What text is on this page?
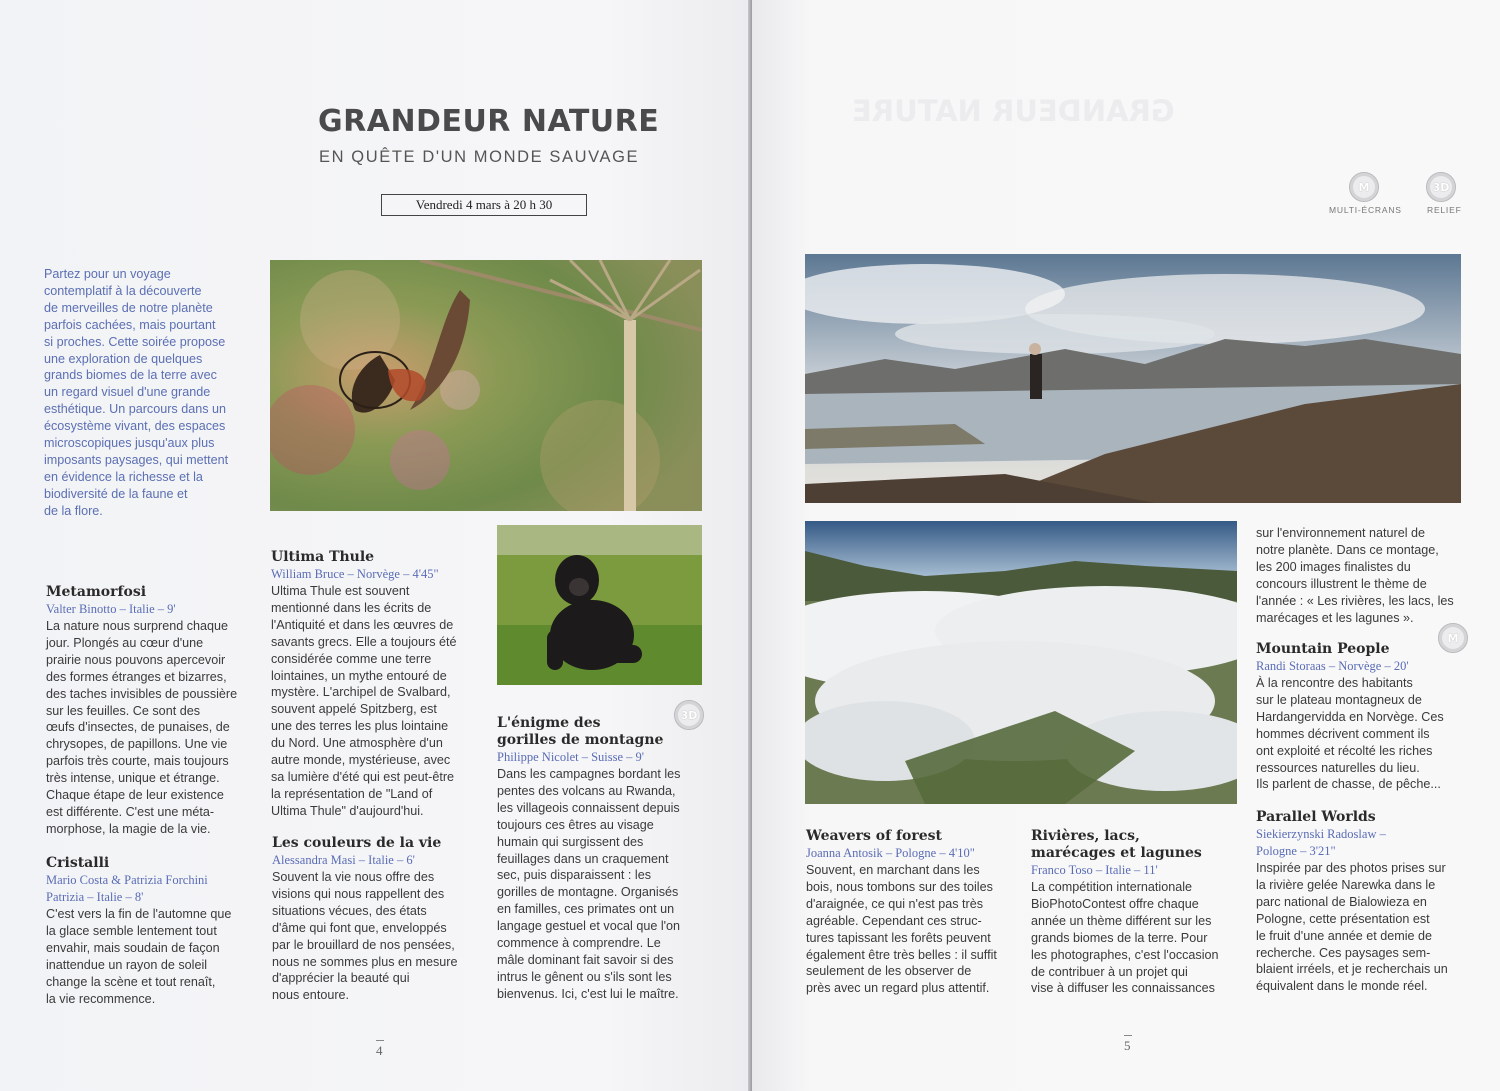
GRANDEUR NATURE
EN QUÊTE D'UN MONDE SAUVAGE
Vendredi 4 mars à 20 h 30
Partez pour un voyage
contemplatif à la découverte
de merveilles de notre planète
parfois cachées, mais pourtant
si proches. Cette soirée propose
une exploration de quelques
grands biomes de la terre avec
un regard visuel d'une grande
esthétique. Un parcours dans un
écosystème vivant, des espaces
microscopiques jusqu'aux plus
imposants paysages, qui mettent
en évidence la richesse et la
biodiversité de la faune et
de la flore.
Metamorfosi
Valter Binotto – Italie – 9'
La nature nous surprend chaque
jour. Plongés au cœur d'une
prairie nous pouvons apercevoir
des formes étranges et bizarres,
des taches invisibles de poussière
sur les feuilles. Ce sont des
œufs d'insectes, de punaises, de
chrysopes, de papillons. Une vie
parfois très courte, mais toujours
très intense, unique et étrange.
Chaque étape de leur existence
est différente. C'est une méta-
morphose, la magie de la vie.
Cristalli
Mario Costa & Patrizia Forchini
Patrizia – Italie – 8'
C'est vers la fin de l'automne que
la glace semble lentement tout
envahir, mais soudain de façon
inattendue un rayon de soleil
change la scène et tout renaît,
la vie recommence.
Ultima Thule
William Bruce – Norvège – 4'45"
Ultima Thule est souvent
mentionné dans les écrits de
l'Antiquité et dans les œuvres de
savants grecs. Elle a toujours été
considérée comme une terre
lointaines, un mythe entouré de
mystère. L'archipel de Svalbard,
souvent appelé Spitzberg, est
une des terres les plus lointaine
du Nord. Une atmosphère d'un
autre monde, mystérieuse, avec
sa lumière d'été qui est peut-être
la représentation de "Land of
Ultima Thule" d'aujourd'hui.
Les couleurs de la vie
Alessandra Masi – Italie – 6'
Souvent la vie nous offre des
visions qui nous rappellent des
situations vécues, des états
d'âme qui font que, enveloppés
par le brouillard de nos pensées,
nous ne sommes plus en mesure
d'apprécier la beauté qui
nous entoure.
3D
L'énigme des
gorilles de montagne
Philippe Nicolet – Suisse – 9'
Dans les campagnes bordant les
pentes des volcans au Rwanda,
les villageois connaissent depuis
toujours ces êtres au visage
humain qui surgissent des
feuillages dans un craquement
sec, puis disparaissent : les
gorilles de montagne. Organisés
en familles, ces primates ont un
langage gestuel et vocal que l'on
commence à comprendre. Le
mâle dominant fait savoir si des
intrus le gênent ou s'ils sont les
bienvenus. Ici, c'est lui le maître.
4
GRANDEUR NATURE
M
MULTI-ÉCRANS
3D
RELIEF
sur l'environnement naturel de
notre planète. Dans ce montage,
les 200 images finalistes du
concours illustrent le thème de
l'année : « Les rivières, les lacs, les
marécages et les lagunes ».
M
Mountain People
Randi Storaas – Norvège – 20'
À la rencontre des habitants
sur le plateau montagneux de
Hardangervidda en Norvège. Ces
hommes décrivent comment ils
ont exploité et récolté les riches
ressources naturelles du lieu.
Ils parlent de chasse, de pêche...
Parallel Worlds
Siekierzynski Radoslaw –
Pologne – 3'21"
Inspirée par des photos prises sur
la rivière gelée Narewka dans le
parc national de Bialowieza en
Pologne, cette présentation est
le fruit d'une année et demie de
recherche. Ces paysages sem-
blaient irréels, et je recherchais un
équivalent dans le monde réel.
Weavers of forest
Joanna Antosik – Pologne – 4'10"
Souvent, en marchant dans les
bois, nous tombons sur des toiles
d'araignée, ce qui n'est pas très
agréable. Cependant ces struc-
tures tapissant les forêts peuvent
également être très belles : il suffit
seulement de les observer de
près avec un regard plus attentif.
Rivières, lacs,
marécages et lagunes
Franco Toso – Italie – 11'
La compétition internationale
BioPhotoContest offre chaque
année un thème différent sur les
grands biomes de la terre. Pour
les photographes, c'est l'occasion
de contribuer à un projet qui
vise à diffuser les connaissances
5
